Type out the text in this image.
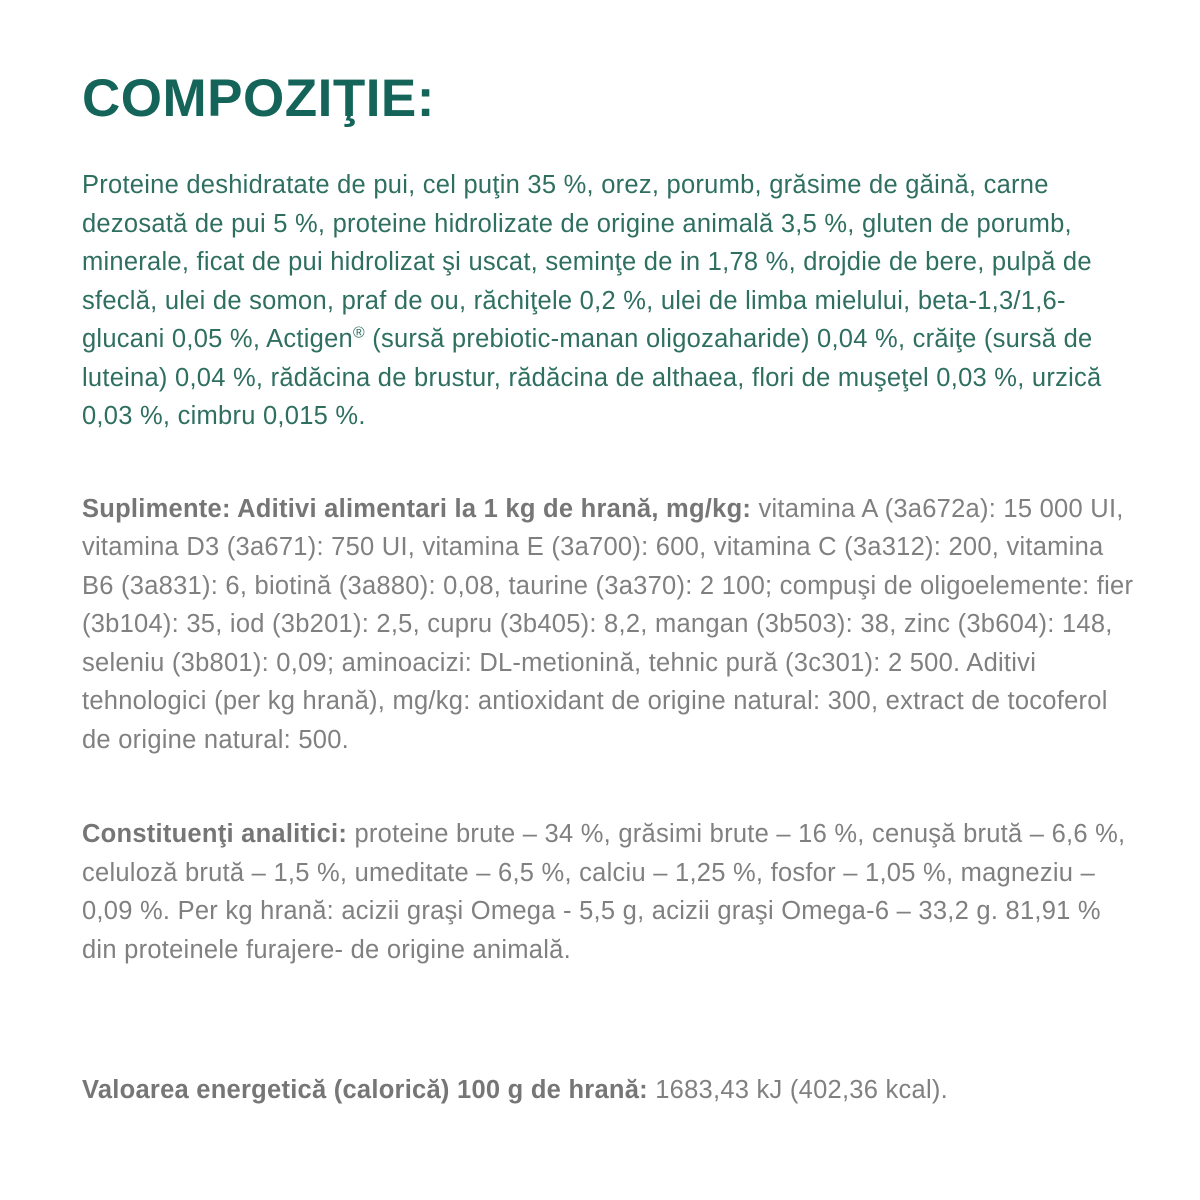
COMPOZIŢIE:

Proteine deshidratate de pui, cel puţin 35 %, orez, porumb, grăsime de găină, carne dezosată de pui 5 %, proteine hidrolizate de origine animală 3,5 %, gluten de porumb, minerale, ficat de pui hidrolizat şi uscat, seminţe de in 1,78 %, drojdie de bere, pulpă de sfeclă, ulei de somon, praf de ou, răchiţele 0,2 %, ulei de limba mielului, beta-1,3/1,6-glucani 0,05 %, Actigen® (sursă prebiotic-manan oligozaharide) 0,04 %, crăiţe (sursă de luteina) 0,04 %, rădăcina de brustur, rădăcina de althaea, flori de muşeţel 0,03 %, urzică 0,03 %, cimbru 0,015 %.

Suplimente: Aditivi alimentari la 1 kg de hrană, mg/kg: vitamina A (3a672a): 15 000 UI, vitamina D3 (3a671): 750 UI, vitamina E (3a700): 600, vitamina C (3a312): 200, vitamina B6 (3a831): 6, biotină (3a880): 0,08, taurine (3a370): 2 100; compuşi de oligoelemente: fier (3b104): 35, iod (3b201): 2,5, cupru (3b405): 8,2, mangan (3b503): 38, zinc (3b604): 148, seleniu (3b801): 0,09; aminoacizi: DL-metionină, tehnic pură (3c301): 2 500. Aditivi tehnologici (per kg hrană), mg/kg: antioxidant de origine natural: 300, extract de tocoferol de origine natural: 500.

Constituenţi analitici: proteine brute – 34 %, grăsimi brute – 16 %, cenuşă brută – 6,6 %, celuloză brută – 1,5 %, umeditate – 6,5 %, calciu – 1,25 %, fosfor – 1,05 %, magneziu – 0,09 %. Per kg hrană: acizii graşi Omega - 5,5 g, acizii graşi Omega-6 – 33,2 g. 81,91 % din proteinele furajere- de origine animală.

Valoarea energetică (calorică) 100 g de hrană: 1683,43 kJ (402,36 kcal).
